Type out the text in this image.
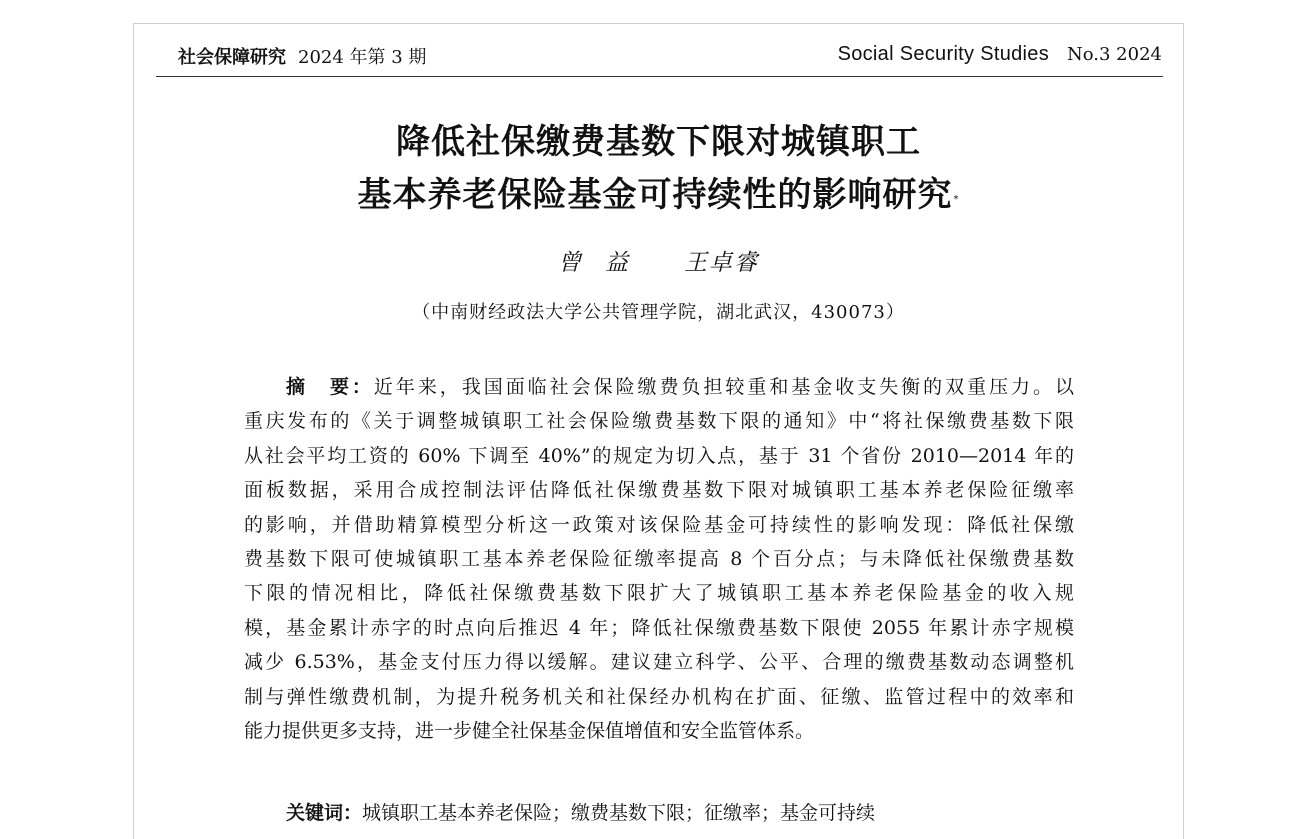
社会保障研究 2024 年第 3 期	Social Security Studies No.3 2024
降低社保缴费基数下限对城镇职工
基本养老保险基金可持续性的影响研究*
曾益 王卓睿
（中南财经政法大学公共管理学院，湖北武汉，430073）
摘　要：近年来，我国面临社会保险缴费负担较重和基金收支失衡的双重压力。以
重庆发布的《关于调整城镇职工社会保险缴费基数下限的通知》中“将社保缴费基数下限
从社会平均工资的 60% 下调至 40%”的规定为切入点，基于 31 个省份 2010—2014 年的
面板数据，采用合成控制法评估降低社保缴费基数下限对城镇职工基本养老保险征缴率
的影响，并借助精算模型分析这一政策对该保险基金可持续性的影响发现：降低社保缴
费基数下限可使城镇职工基本养老保险征缴率提高 8 个百分点；与未降低社保缴费基数
下限的情况相比，降低社保缴费基数下限扩大了城镇职工基本养老保险基金的收入规
模，基金累计赤字的时点向后推迟 4 年；降低社保缴费基数下限使 2055 年累计赤字规模
减少 6.53%，基金支付压力得以缓解。建议建立科学、公平、合理的缴费基数动态调整机
制与弹性缴费机制，为提升税务机关和社保经办机构在扩面、征缴、监管过程中的效率和
能力提供更多支持，进一步健全社保基金保值增值和安全监管体系。
关键词：城镇职工基本养老保险；缴费基数下限；征缴率；基金可持续
